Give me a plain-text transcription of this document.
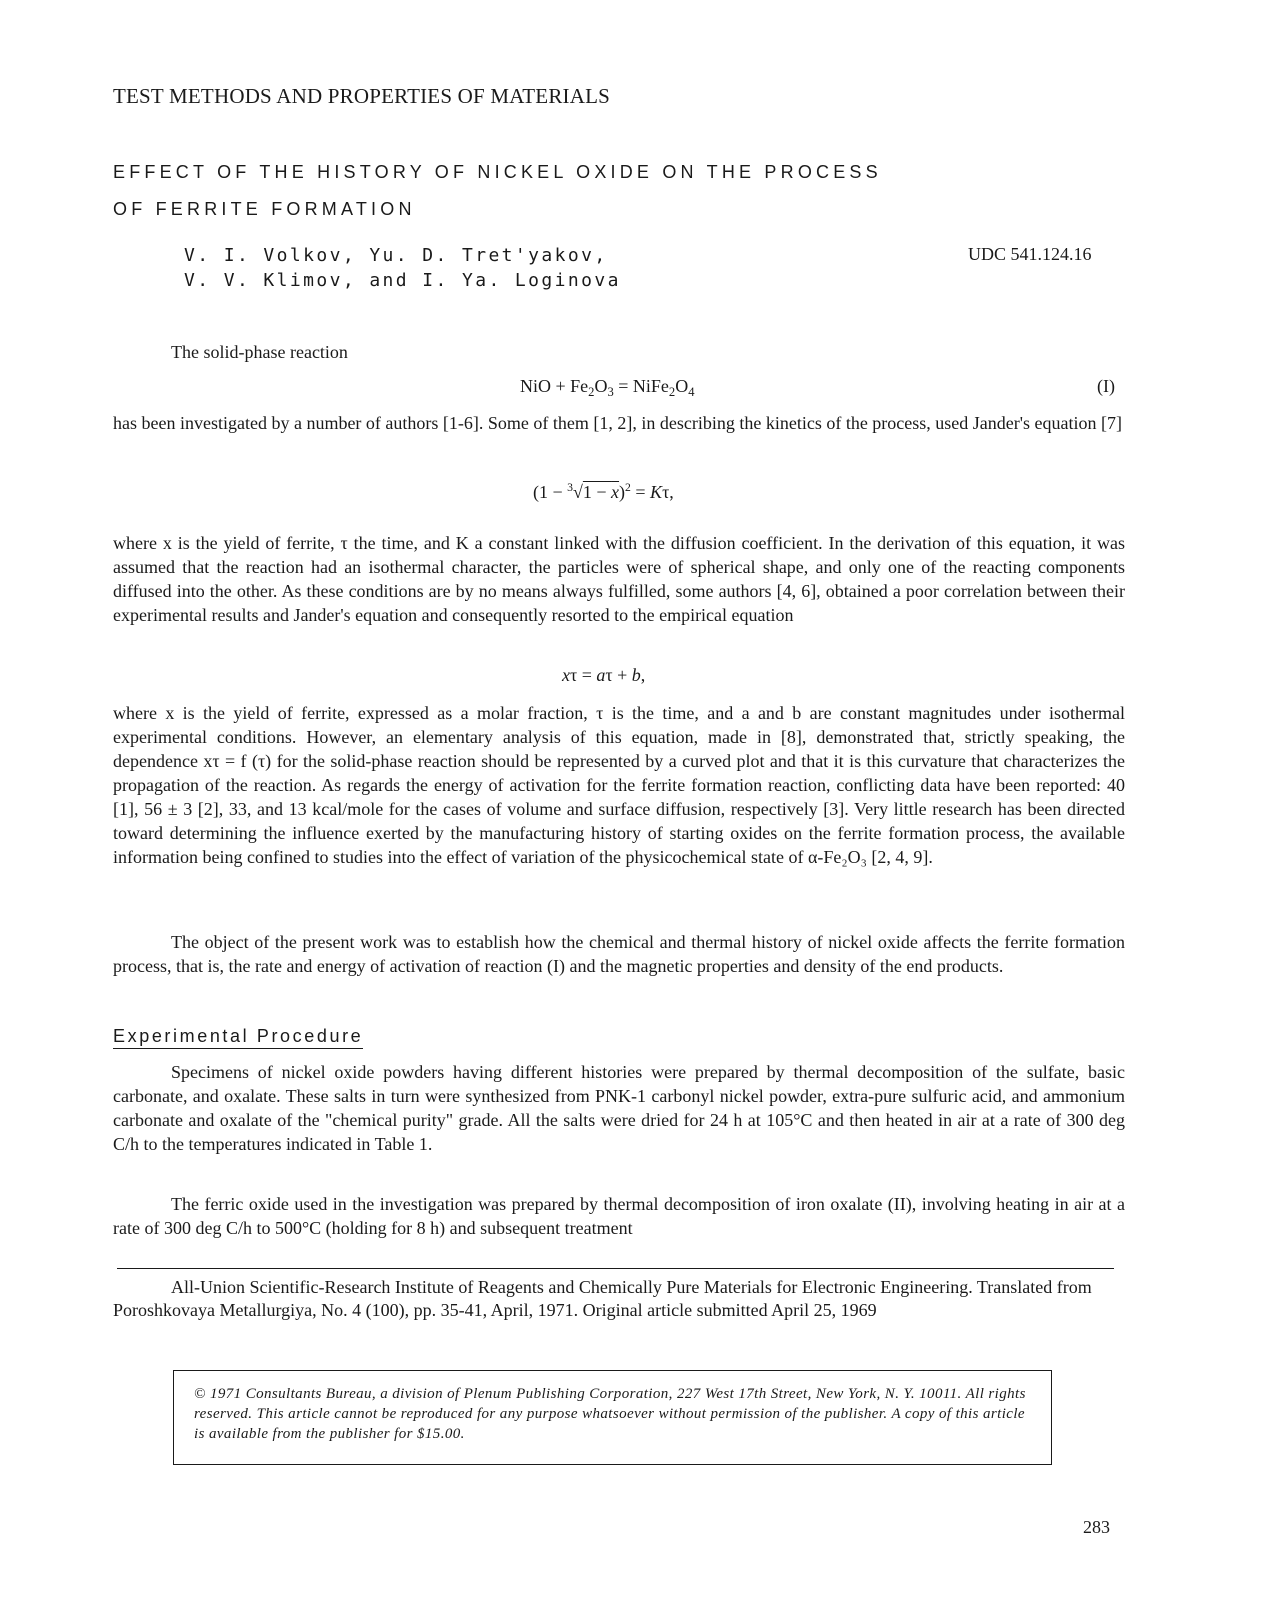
TEST METHODS AND PROPERTIES OF MATERIALS
EFFECT OF THE HISTORY OF NICKEL OXIDE ON THE PROCESS
OF FERRITE FORMATION
V. I. Volkov, Yu. D. Tret'yakov,
V. V. Klimov, and I. Ya. Loginova
UDC 541.124.16
The solid-phase reaction
NiO + $Fe_2O_3$ = $NiFe_2O_4$	(I)
has been investigated by a number of authors [1-6]. Some of them [1, 2], in describing the kinetics of the process, used Jander's equation [7]
$(1 - ^3√1 - x)^2 = K\tau$,
where x is the yield of ferrite, τ the time, and K a constant linked with the diffusion coefficient. In the derivation of this equation, it was assumed that the reaction had an isothermal character, the particles were of spherical shape, and only one of the reacting components diffused into the other. As these conditions are by no means always fulfilled, some authors [4, 6], obtained a poor correlation between their experimental results and Jander's equation and consequently resorted to the empirical equation
xτ = aτ + b,
where x is the yield of ferrite, expressed as a molar fraction, τ is the time, and a and b are constant magnitudes under isothermal experimental conditions. However, an elementary analysis of this equation, made in [8], demonstrated that, strictly speaking, the dependence xτ = f (τ) for the solid-phase reaction should be represented by a curved plot and that it is this curvature that characterizes the propagation of the reaction. As regards the energy of activation for the ferrite formation reaction, conflicting data have been reported: 40 [1], 56 ± 3 [2], 33, and 13 kcal/mole for the cases of volume and surface diffusion, respectively [3]. Very little research has been directed toward determining the influence exerted by the manufacturing history of starting oxides on the ferrite formation process, the available information being confined to studies into the effect of variation of the physicochemical state of α-Fe₂O₃ [2, 4, 9].
The object of the present work was to establish how the chemical and thermal history of nickel oxide affects the ferrite formation process, that is, the rate and energy of activation of reaction (I) and the magnetic properties and density of the end products.
Experimental Procedure
Specimens of nickel oxide powders having different histories were prepared by thermal decomposition of the sulfate, basic carbonate, and oxalate. These salts in turn were synthesized from PNK-1 carbonyl nickel powder, extra-pure sulfuric acid, and ammonium carbonate and oxalate of the "chemical purity" grade. All the salts were dried for 24 h at 105°C and then heated in air at a rate of 300 deg C/h to the temperatures indicated in Table 1.
The ferric oxide used in the investigation was prepared by thermal decomposition of iron oxalate (II), involving heating in air at a rate of 300 deg C/h to 500°C (holding for 8 h) and subsequent treatment
All-Union Scientific-Research Institute of Reagents and Chemically Pure Materials for Electronic Engineering. Translated from Poroshkovaya Metallurgiya, No. 4 (100), pp. 35-41, April, 1971. Original article submitted April 25, 1969
© 1971 Consultants Bureau, a division of Plenum Publishing Corporation, 227 West 17th Street, New York, N. Y. 10011. All rights reserved. This article cannot be reproduced for any purpose whatsoever without permission of the publisher. A copy of this article is available from the publisher for $15.00.
283
